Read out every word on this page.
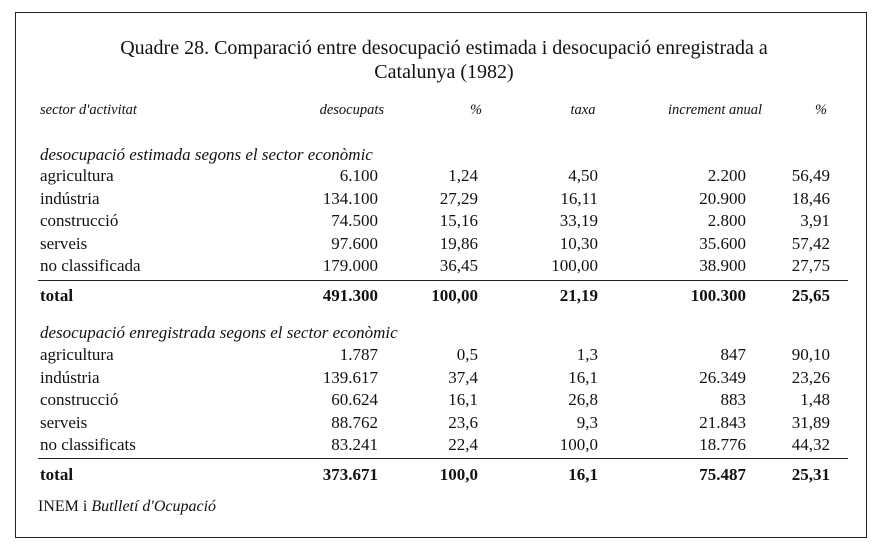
Quadre 28. Comparació entre desocupació estimada i desocupació enregistrada a
Catalunya (1982)
sector d'activitat	desocupats	%	taxa	increment anual	%
desocupació estimada segons el sector econòmic
agricultura	6.100	1,24	4,50	2.200	56,49
indústria	134.100	27,29	16,11	20.900	18,46
construcció	74.500	15,16	33,19	2.800	3,91
serveis	97.600	19,86	10,30	35.600	57,42
no classificada	179.000	36,45	100,00	38.900	27,75
total	491.300	100,00	21,19	100.300	25,65
desocupació enregistrada segons el sector econòmic
agricultura	1.787	0,5	1,3	847	90,10
indústria	139.617	37,4	16,1	26.349	23,26
construcció	60.624	16,1	26,8	883	1,48
serveis	88.762	23,6	9,3	21.843	31,89
no classificats	83.241	22,4	100,0	18.776	44,32
total	373.671	100,0	16,1	75.487	25,31
INEM i Butlletí d'Ocupació
